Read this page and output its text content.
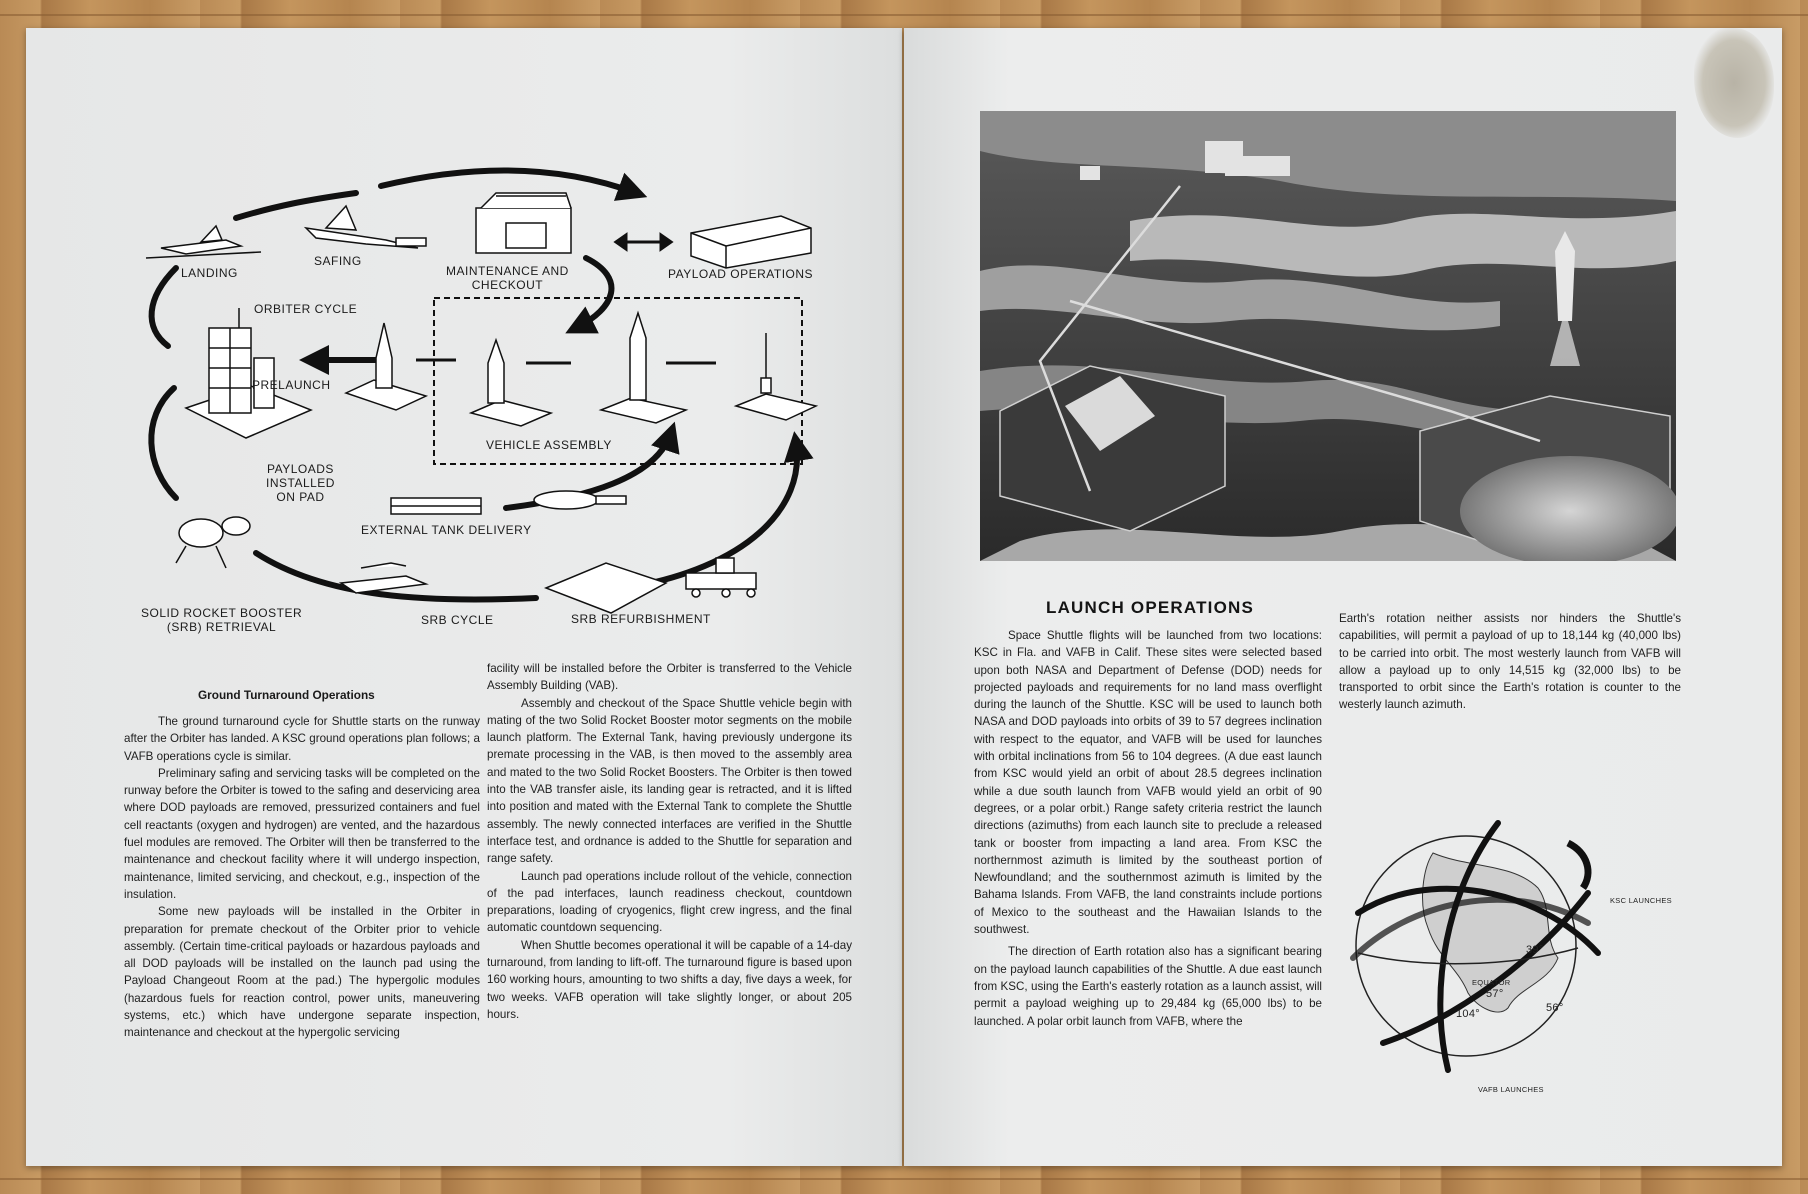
LANDING
SAFING
MAINTENANCE AND
CHECKOUT
PAYLOAD OPERATIONS
ORBITER CYCLE
PRELAUNCH
PAYLOADS
INSTALLED
ON PAD
VEHICLE ASSEMBLY
EXTERNAL TANK DELIVERY
SOLID ROCKET BOOSTER
(SRB) RETRIEVAL	SRB CYCLE	SRB REFURBISHMENT
Ground Turnaround Operations

The ground turnaround cycle for Shuttle starts on the runway after the Orbiter has landed. A KSC ground operations plan follows; a VAFB operations cycle is similar.

Preliminary safing and servicing tasks will be completed on the runway before the Orbiter is towed to the safing and deservicing area where DOD payloads are removed, pressurized containers and fuel cell reactants (oxygen and hydrogen) are vented, and the hazardous fuel modules are removed. The Orbiter will then be transferred to the maintenance and checkout facility where it will undergo inspection, maintenance, limited servicing, and checkout, e.g., inspection of the insulation.

Some new payloads will be installed in the Orbiter in preparation for premate checkout of the Orbiter prior to vehicle assembly. (Certain time-critical payloads or hazardous payloads and all DOD payloads will be installed on the launch pad using the Payload Changeout Room at the pad.) The hypergolic modules (hazardous fuels for reaction control, power units, maneuvering systems, etc.) which have undergone separate inspection, maintenance and checkout at the hypergolic servicing

facility will be installed before the Orbiter is transferred to the Vehicle Assembly Building (VAB).

Assembly and checkout of the Space Shuttle vehicle begin with mating of the two Solid Rocket Booster motor segments on the mobile launch platform. The External Tank, having previously undergone its premate processing in the VAB, is then moved to the assembly area and mated to the two Solid Rocket Boosters. The Orbiter is then towed into the VAB transfer aisle, its landing gear is retracted, and it is lifted into position and mated with the External Tank to complete the Shuttle assembly. The newly connected interfaces are verified in the Shuttle interface test, and ordnance is added to the Shuttle for separation and range safety.

Launch pad operations include rollout of the vehicle, connection of the pad interfaces, launch readiness checkout, countdown preparations, loading of cryogenics, flight crew ingress, and the final automatic countdown sequencing.

When Shuttle becomes operational it will be capable of a 14-day turnaround, from landing to lift-off. The turnaround figure is based upon 160 working hours, amounting to two shifts a day, five days a week, for two weeks. VAFB operation will take slightly longer, or about 205 hours.

LAUNCH OPERATIONS

Space Shuttle flights will be launched from two locations: KSC in Fla. and VAFB in Calif. These sites were selected based upon both NASA and Department of Defense (DOD) needs for projected payloads and requirements for no land mass overflight during the launch of the Shuttle. KSC will be used to launch both NASA and DOD payloads into orbits of 39 to 57 degrees inclination with respect to the equator, and VAFB will be used for launches with orbital inclinations from 56 to 104 degrees. (A due east launch from KSC would yield an orbit of about 28.5 degrees inclination while a due south launch from VAFB would yield an orbit of 90 degrees, or a polar orbit.) Range safety criteria restrict the launch directions (azimuths) from each launch site to preclude a released tank or booster from impacting a land area. From KSC the northernmost azimuth is limited by the southeast portion of Newfoundland; and the southernmost azimuth is limited by the Bahama Islands. From VAFB, the land constraints include portions of Mexico to the southeast and the Hawaiian Islands to the southwest.

The direction of Earth rotation also has a significant bearing on the payload launch capabilities of the Shuttle. A due east launch from KSC, using the Earth's easterly rotation as a launch assist, will permit a payload weighing up to 29,484 kg (65,000 lbs) to be launched. A polar orbit launch from VAFB, where the

Earth's rotation neither assists nor hinders the Shuttle's capabilities, will permit a payload of up to 18,144 kg (40,000 lbs) to be carried into orbit. The most westerly launch from VAFB will allow a payload up to only 14,515 kg (32,000 lbs) to be transported to orbit since the Earth's rotation is counter to the westerly launch azimuth.

KSC LAUNCHES
VAFB LAUNCHES
EQUATOR
39°
57°
104°	56°
